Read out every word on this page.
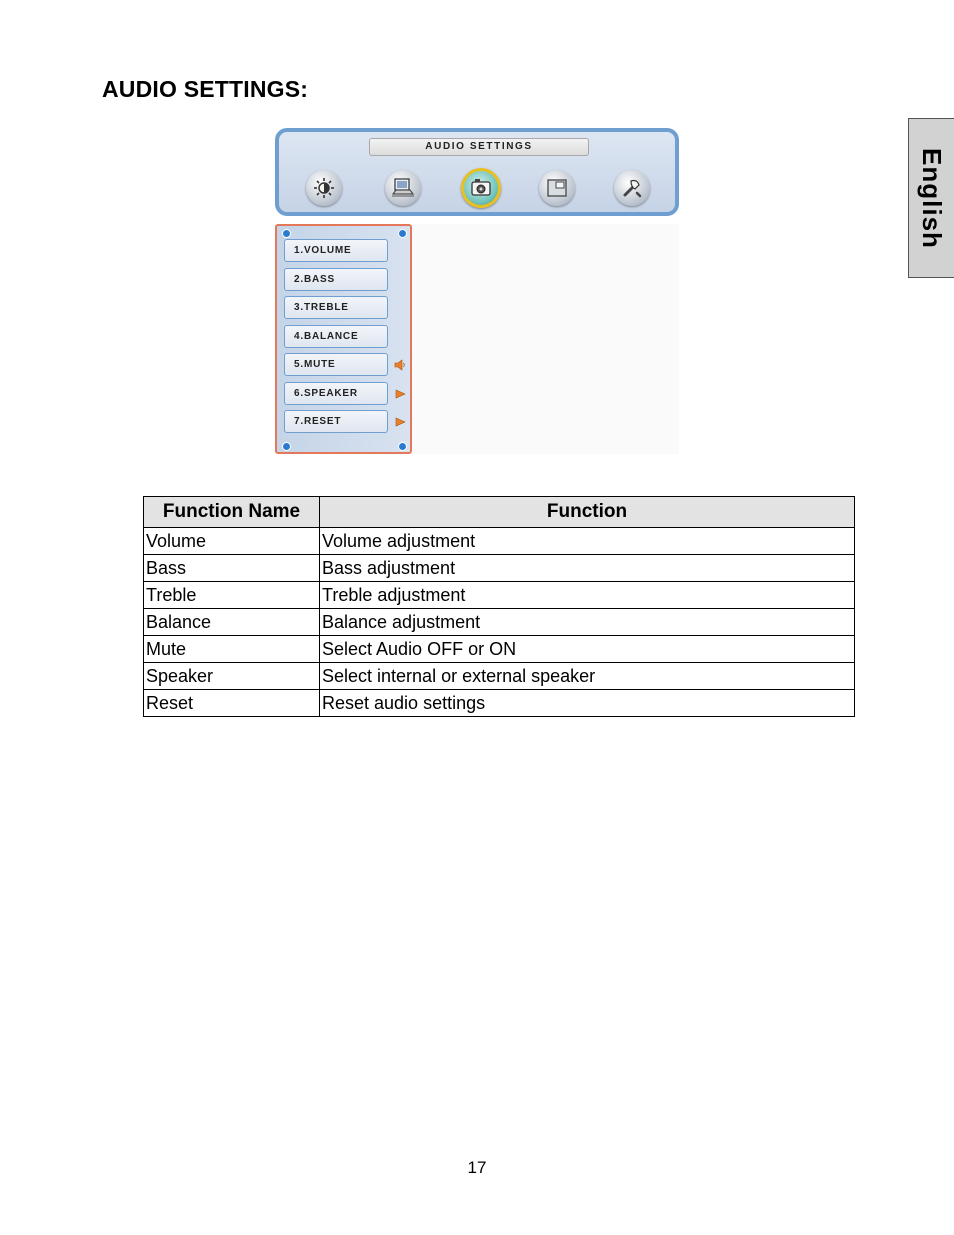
AUDIO SETTINGS:
English
AUDIO SETTINGS
1.VOLUME
2.BASS
3.TREBLE
4.BALANCE
5.MUTE
6.SPEAKER
7.RESET
Function Name	Function
Volume	Volume adjustment
Bass	Bass adjustment
Treble	Treble adjustment
Balance	Balance adjustment
Mute	Select Audio OFF or ON
Speaker	Select internal or external speaker
Reset	Reset audio settings
17
